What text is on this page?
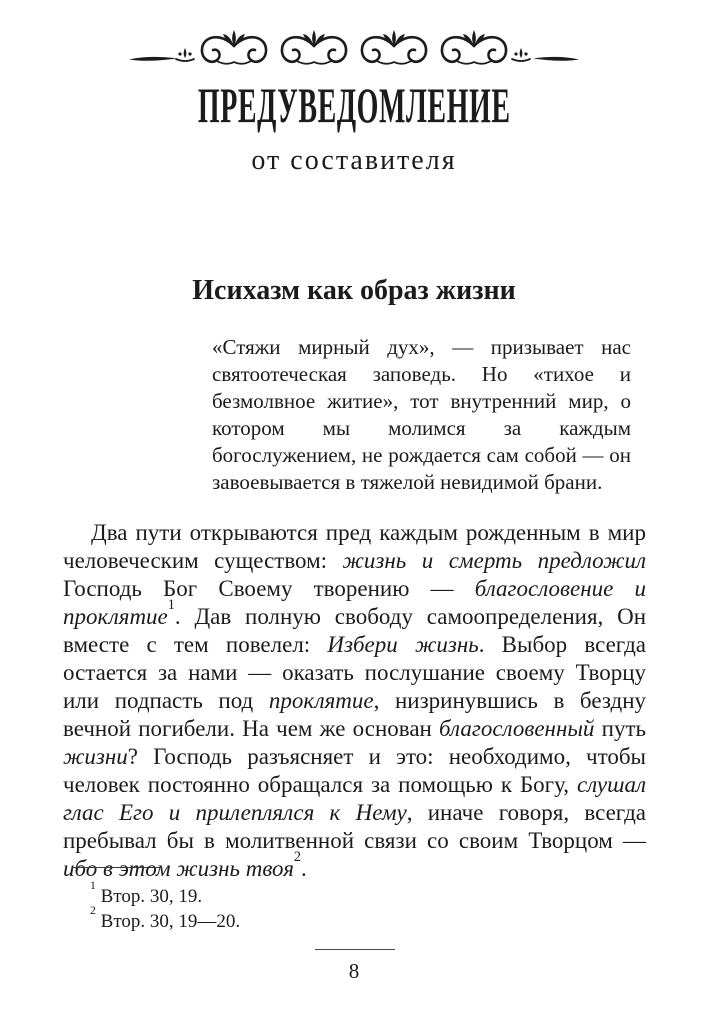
ПРЕДУВЕДОМЛЕНИЕ
от составителя
Исихазм как образ жизни
«Стяжи мирный дух», — призывает нас святоотеческая заповедь. Но «тихое и безмолвное житие», тот внутренний мир, о котором мы молимся за каждым богослужением, не рождается сам собой — он завоевывается в тяжелой невидимой брани.

Два пути открываются пред каждым рожденным в мир человеческим существом: жизнь и смерть предложил Господь Бог Своему творению — благословение и проклятие$^1$. Дав полную свободу самоопределения, Он вместе с тем повелел: Избери жизнь. Выбор всегда остается за нами — оказать послушание своему Творцу или подпасть под проклятие, низринувшись в бездну вечной погибели. На чем же основан благословенный путь жизни? Господь разъясняет и это: необходимо, чтобы человек постоянно обращался за помощью к Богу, слушал глас Его и прилеплялся к Нему, иначе говоря, всегда пребывал бы в молитвенной связи со своим Творцом — ибо в этом жизнь твоя$^2$.

$^1$ Втор. 30, 19.
$^2$ Втор. 30, 19—20.
8
